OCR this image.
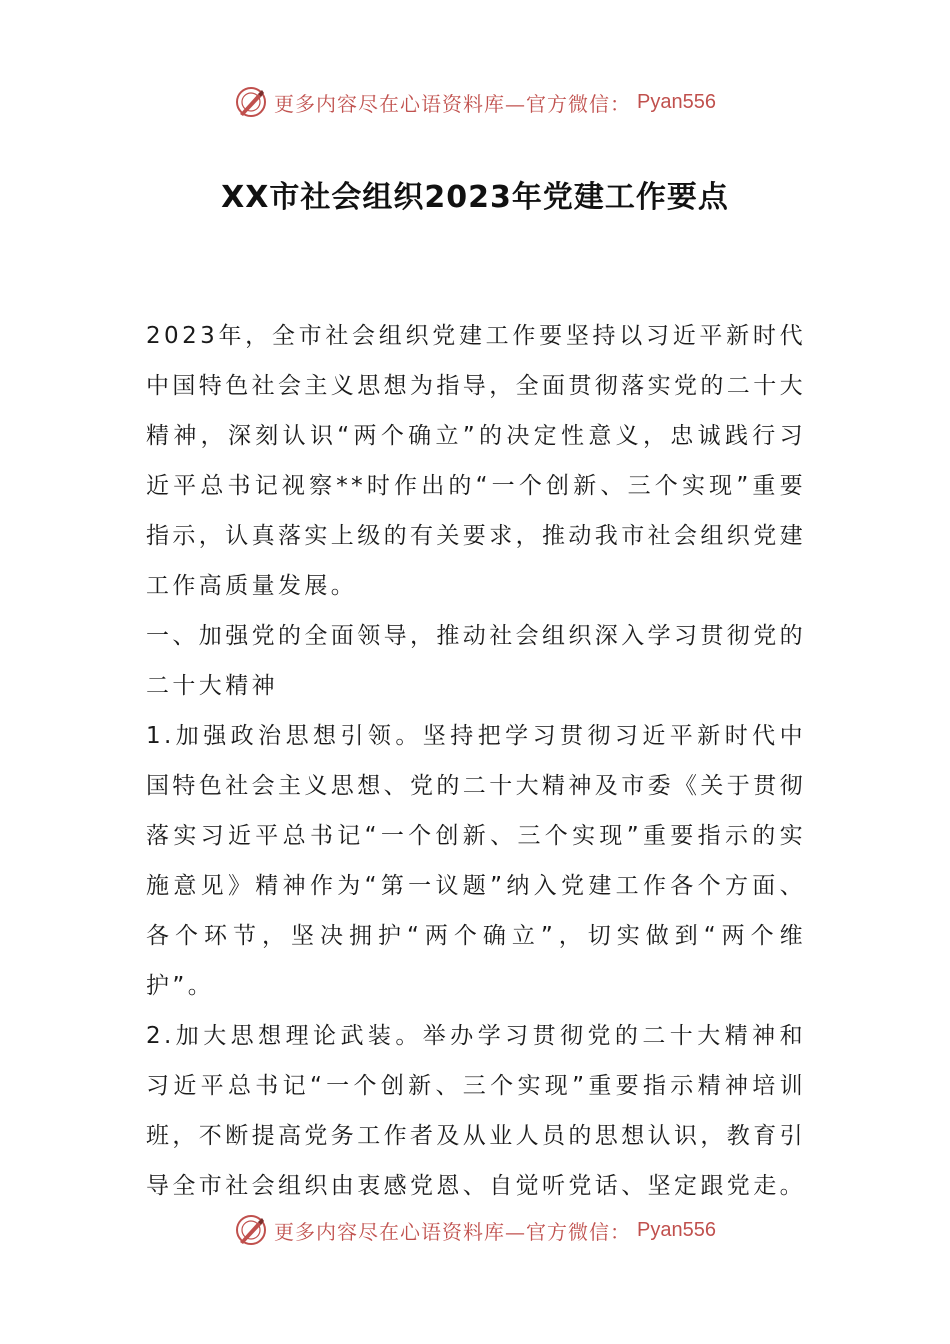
更多内容尽在心语资料库—官方微信： Pyan556
XX市社会组织2023年党建工作要点

2023年，全市社会组织党建工作要坚持以习近平新时代中国特色社会主义思想为指导，全面贯彻落实党的二十大精神，深刻认识“两个确立”的决定性意义，忠诚践行习近平总书记视察**时作出的“一个创新、三个实现”重要指示，认真落实上级的有关要求，推动我市社会组织党建工作高质量发展。

一、加强党的全面领导，推动社会组织深入学习贯彻党的二十大精神

1.加强政治思想引领。坚持把学习贯彻习近平新时代中国特色社会主义思想、党的二十大精神及市委《关于贯彻落实习近平总书记“一个创新、三个实现”重要指示的实施意见》精神作为“第一议题”纳入党建工作各个方面、各个环节，坚决拥护“两个确立”，切实做到“两个维护”。

2.加大思想理论武装。举办学习贯彻党的二十大精神和习近平总书记“一个创新、三个实现”重要指示精神培训班，不断提高党务工作者及从业人员的思想认识，教育引导全市社会组织由衷感党恩、自觉听党话、坚定跟党走。

更多内容尽在心语资料库—官方微信： Pyan556
